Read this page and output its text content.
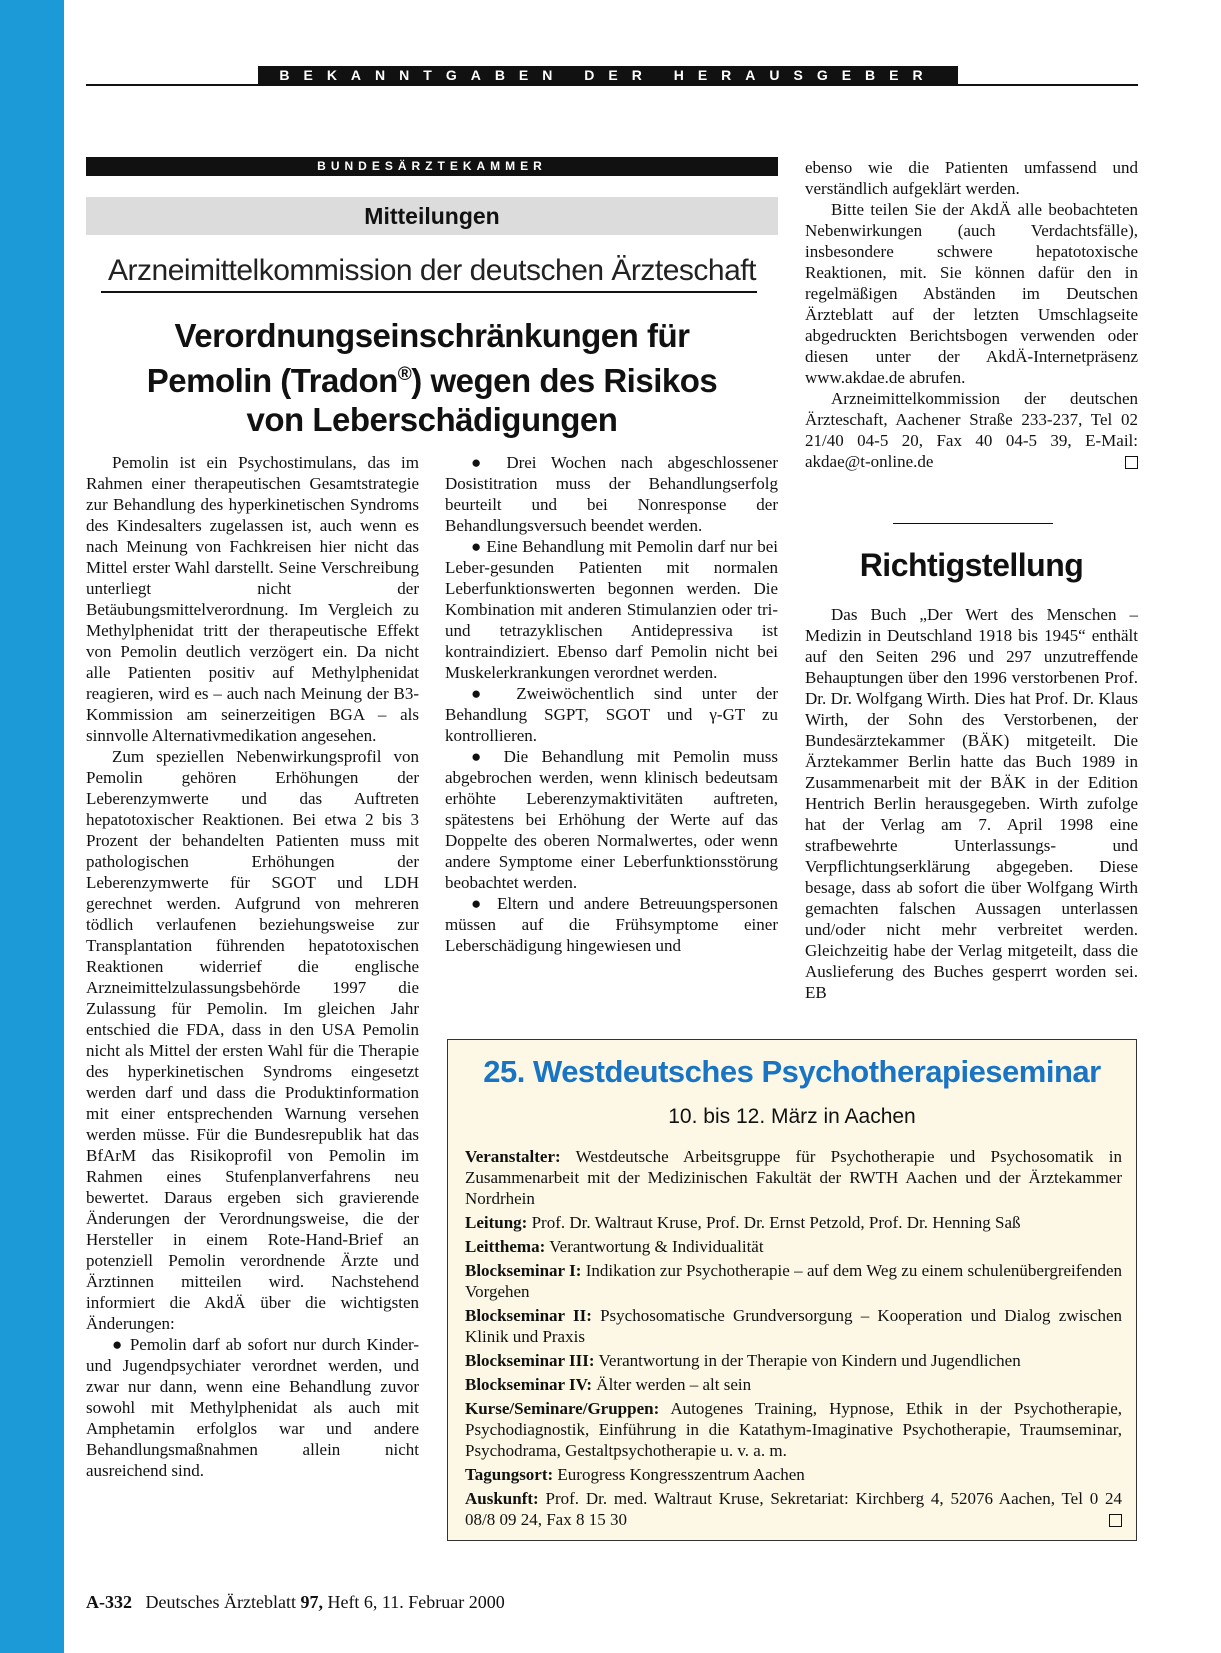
BEKANNTGABEN DER HERAUSGEBER
BUNDESÄRZTEKAMMER
Mitteilungen
Arzneimittelkommission der deutschen Ärzteschaft
Verordnungseinschränkungen für
Pemolin (Tradon®) wegen des Risikos
von Leberschädigungen

Pemolin ist ein Psychostimulans, das im Rahmen einer therapeutischen Gesamtstrategie zur Behandlung des hyperkinetischen Syndroms des Kindesalters zugelassen ist, auch wenn es nach Meinung von Fachkreisen hier nicht das Mittel erster Wahl darstellt. Seine Verschreibung unterliegt nicht der Betäubungsmittelverordnung. Im Vergleich zu Methylphenidat tritt der therapeutische Effekt von Pemolin deutlich verzögert ein. Da nicht alle Patienten positiv auf Methylphenidat reagieren, wird es – auch nach Meinung der B3-Kommission am seinerzeitigen BGA – als sinnvolle Alternativmedikation angesehen.

Zum speziellen Nebenwirkungsprofil von Pemolin gehören Erhöhungen der Leberenzymwerte und das Auftreten hepatotoxischer Reaktionen. Bei etwa 2 bis 3 Prozent der behandelten Patienten muss mit pathologischen Erhöhungen der Leberenzymwerte für SGOT und LDH gerechnet werden. Aufgrund von mehreren tödlich verlaufenen beziehungsweise zur Transplantation führenden hepatotoxischen Reaktionen widerrief die englische Arzneimittelzulassungsbehörde 1997 die Zulassung für Pemolin. Im gleichen Jahr entschied die FDA, dass in den USA Pemolin nicht als Mittel der ersten Wahl für die Therapie des hyperkinetischen Syndroms eingesetzt werden darf und dass die Produktinformation mit einer entsprechenden Warnung versehen werden müsse. Für die Bundesrepublik hat das BfArM das Risikoprofil von Pemolin im Rahmen eines Stufenplanverfahrens neu bewertet. Daraus ergeben sich gravierende Änderungen der Verordnungsweise, die der Hersteller in einem Rote-Hand-Brief an potenziell Pemolin verordnende Ärzte und Ärztinnen mitteilen wird. Nachstehend informiert die AkdÄ über die wichtigsten Änderungen:

● Pemolin darf ab sofort nur durch Kinder- und Jugendpsychiater verordnet werden, und zwar nur dann, wenn eine Behandlung zuvor sowohl mit Methylphenidat als auch mit Amphetamin erfolglos war und andere Behandlungsmaßnahmen allein nicht ausreichend sind.

● Drei Wochen nach abgeschlossener Dosistitration muss der Behandlungserfolg beurteilt und bei Nonresponse der Behandlungsversuch beendet werden.

● Eine Behandlung mit Pemolin darf nur bei Leber-gesunden Patienten mit normalen Leberfunktionswerten begonnen werden. Die Kombination mit anderen Stimulanzien oder tri- und tetrazyklischen Antidepressiva ist kontraindiziert. Ebenso darf Pemolin nicht bei Muskelerkrankungen verordnet werden.

● Zweiwöchentlich sind unter der Behandlung SGPT, SGOT und γ-GT zu kontrollieren.

● Die Behandlung mit Pemolin muss abgebrochen werden, wenn klinisch bedeutsam erhöhte Leberenzymaktivitäten auftreten, spätestens bei Erhöhung der Werte auf das Doppelte des oberen Normalwertes, oder wenn andere Symptome einer Leberfunktionsstörung beobachtet werden.

● Eltern und andere Betreuungspersonen müssen auf die Frühsymptome einer Leberschädigung hingewiesen und

ebenso wie die Patienten umfassend und verständlich aufgeklärt werden.

Bitte teilen Sie der AkdÄ alle beobachteten Nebenwirkungen (auch Verdachtsfälle), insbesondere schwere hepatotoxische Reaktionen, mit. Sie können dafür den in regelmäßigen Abständen im Deutschen Ärzteblatt auf der letzten Umschlagseite abgedruckten Berichtsbogen verwenden oder diesen unter der AkdÄ-Internetpräsenz www.akdae.de abrufen.

Arzneimittelkommission der deutschen Ärzteschaft, Aachener Straße 233-237, Tel 02 21/40 04-5 20, Fax 40 04-5 39, E-Mail: akdae@t-online.de

Richtigstellung

Das Buch „Der Wert des Menschen – Medizin in Deutschland 1918 bis 1945“ enthält auf den Seiten 296 und 297 unzutreffende Behauptungen über den 1996 verstorbenen Prof. Dr. Dr. Wolfgang Wirth. Dies hat Prof. Dr. Klaus Wirth, der Sohn des Verstorbenen, der Bundesärztekammer (BÄK) mitgeteilt. Die Ärztekammer Berlin hatte das Buch 1989 in Zusammenarbeit mit der BÄK in der Edition Hentrich Berlin herausgegeben. Wirth zufolge hat der Verlag am 7. April 1998 eine strafbewehrte Unterlassungs- und Verpflichtungserklärung abgegeben. Diese besage, dass ab sofort die über Wolfgang Wirth gemachten falschen Aussagen unterlassen und/oder nicht mehr verbreitet werden. Gleichzeitig habe der Verlag mitgeteilt, dass die Auslieferung des Buches gesperrt worden sei. EB

25. Westdeutsches Psychotherapieseminar
10. bis 12. März in Aachen
Veranstalter: Westdeutsche Arbeitsgruppe für Psychotherapie und Psychosomatik in Zusammenarbeit mit der Medizinischen Fakultät der RWTH Aachen und der Ärztekammer Nordrhein
Leitung: Prof. Dr. Waltraut Kruse, Prof. Dr. Ernst Petzold, Prof. Dr. Henning Saß
Leitthema: Verantwortung & Individualität
Blockseminar I: Indikation zur Psychotherapie – auf dem Weg zu einem schulenübergreifenden Vorgehen
Blockseminar II: Psychosomatische Grundversorgung – Kooperation und Dialog zwischen Klinik und Praxis
Blockseminar III: Verantwortung in der Therapie von Kindern und Jugendlichen
Blockseminar IV: Älter werden – alt sein
Kurse/Seminare/Gruppen: Autogenes Training, Hypnose, Ethik in der Psychotherapie, Psychodiagnostik, Einführung in die Katathym-Imaginative Psychotherapie, Traumseminar, Psychodrama, Gestaltpsychotherapie u. v. a. m.
Tagungsort: Eurogress Kongresszentrum Aachen
Auskunft: Prof. Dr. med. Waltraut Kruse, Sekretariat: Kirchberg 4, 52076 Aachen, Tel 0 24 08/8 09 24, Fax 8 15 30
A-332 Deutsches Ärzteblatt 97, Heft 6, 11. Februar 2000
